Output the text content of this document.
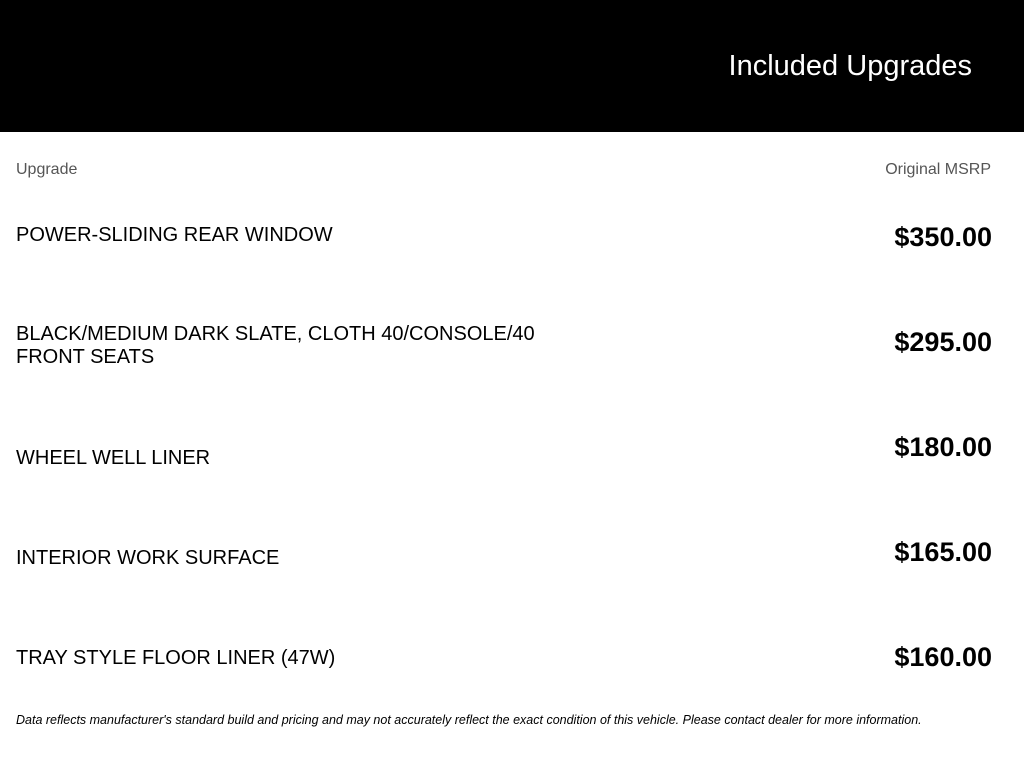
Included Upgrades
Upgrade	Original MSRP
POWER-SLIDING REAR WINDOW	$350.00
BLACK/MEDIUM DARK SLATE, CLOTH 40/CONSOLE/40 FRONT SEATS	$295.00
WHEEL WELL LINER	$180.00
INTERIOR WORK SURFACE	$165.00
TRAY STYLE FLOOR LINER (47W)	$160.00
Data reflects manufacturer's standard build and pricing and may not accurately reflect the exact condition of this vehicle. Please contact dealer for more information.
